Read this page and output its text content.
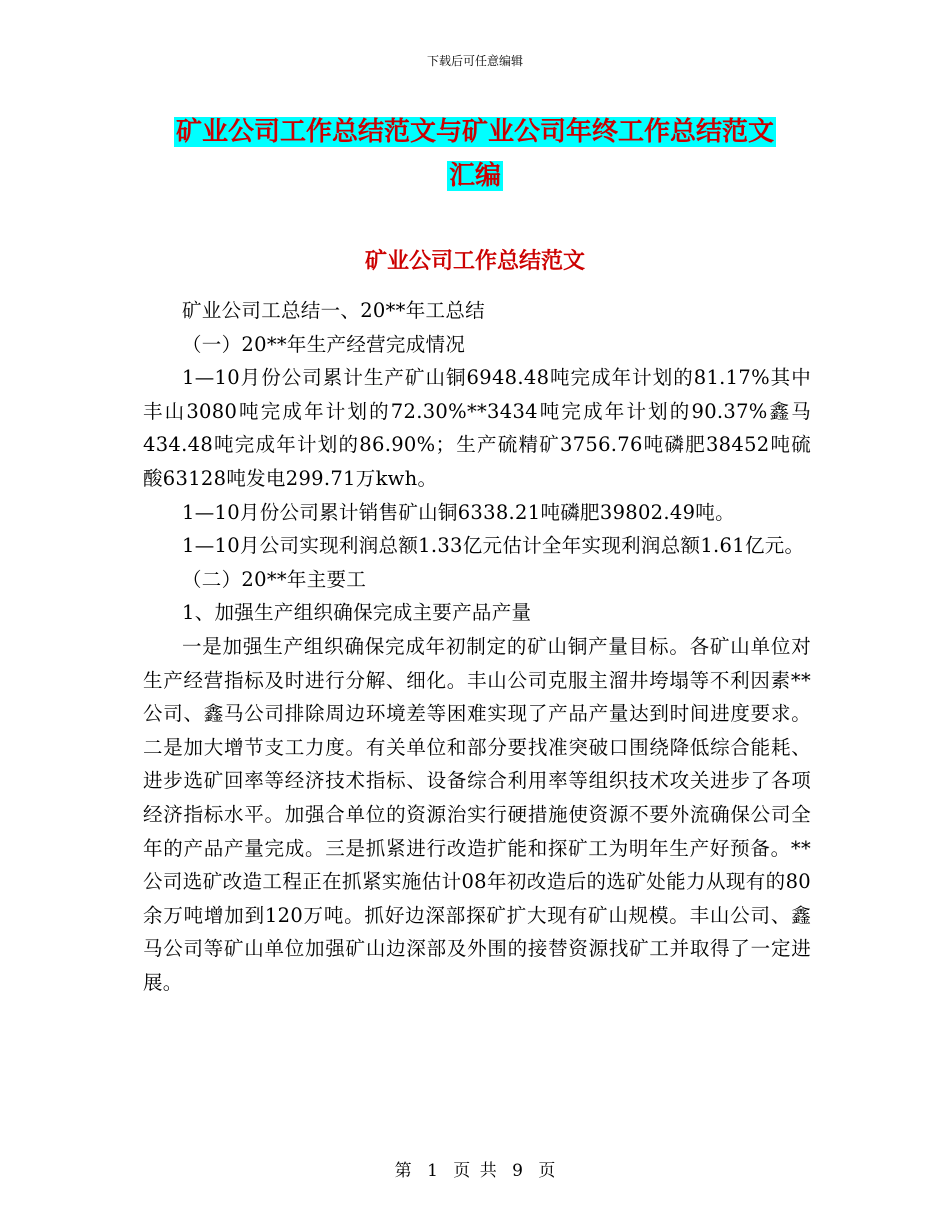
下载后可任意编辑
矿业公司工作总结范文与矿业公司年终工作总结范文
汇编
矿业公司工作总结范文

矿业公司工总结一、20**年工总结

（一）20**年生产经营完成情况

1—10月份公司累计生产矿山铜6948.48吨完成年计划的81.17%其中丰山3080吨完成年计划的72.30%**3434吨完成年计划的90.37%鑫马434.48吨完成年计划的86.90%；生产硫精矿3756.76吨磷肥38452吨硫酸63128吨发电299.71万kwh。

1—10月份公司累计销售矿山铜6338.21吨磷肥39802.49吨。

1—10月公司实现利润总额1.33亿元估计全年实现利润总额1.61亿元。

（二）20**年主要工

1、加强生产组织确保完成主要产品产量

一是加强生产组织确保完成年初制定的矿山铜产量目标。各矿山单位对生产经营指标及时进行分解、细化。丰山公司克服主溜井垮塌等不利因素**公司、鑫马公司排除周边环境差等困难实现了产品产量达到时间进度要求。二是加大增节支工力度。有关单位和部分要找准突破口围绕降低综合能耗、进步选矿回率等经济技术指标、设备综合利用率等组织技术攻关进步了各项经济指标水平。加强合单位的资源治实行硬措施使资源不要外流确保公司全年的产品产量完成。三是抓紧进行改造扩能和探矿工为明年生产好预备。**公司选矿改造工程正在抓紧实施估计08年初改造后的选矿处能力从现有的80余万吨增加到120万吨。抓好边深部探矿扩大现有矿山规模。丰山公司、鑫马公司等矿山单位加强矿山边深部及外围的接替资源找矿工并取得了一定进展。

第 1 页 共 9 页
